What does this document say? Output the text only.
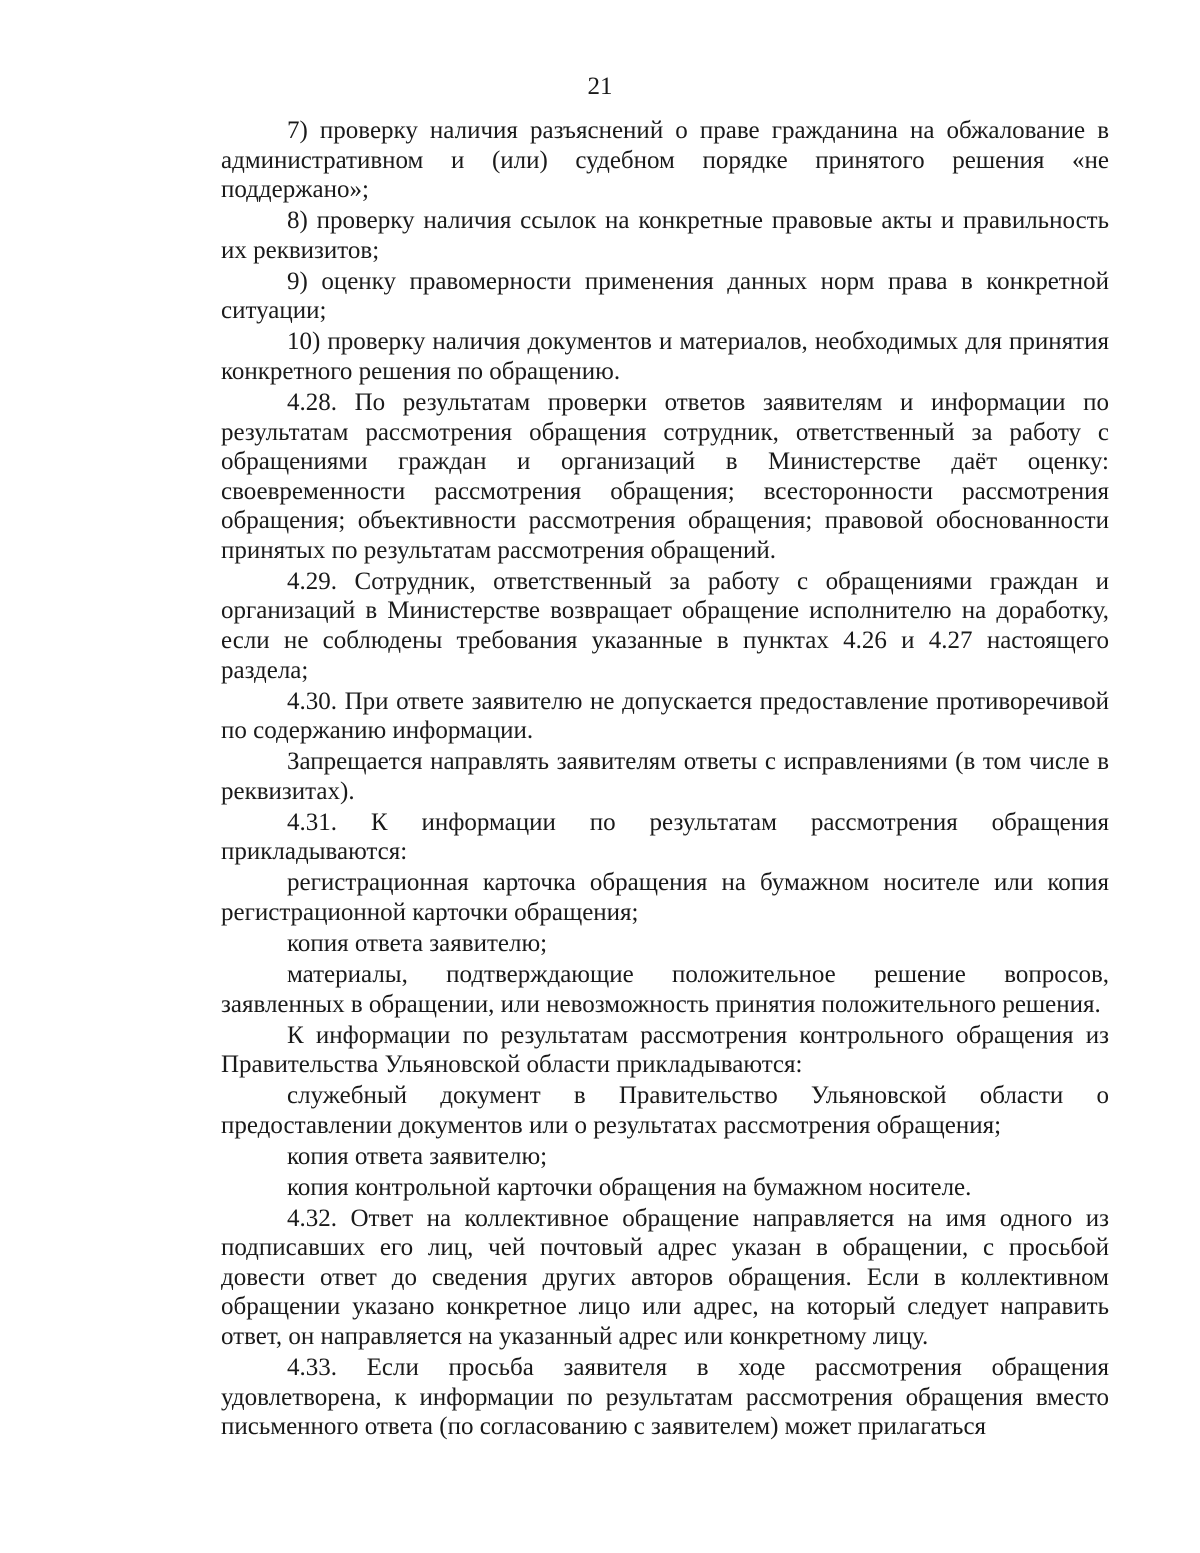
21

7) проверку наличия разъяснений о праве гражданина на обжалование в административном и (или) судебном порядке принятого решения «не поддержано»;

8) проверку наличия ссылок на конкретные правовые акты и правильность их реквизитов;

9) оценку правомерности применения данных норм права в конкретной ситуации;

10) проверку наличия документов и материалов, необходимых для принятия конкретного решения по обращению.

4.28. По результатам проверки ответов заявителям и информации по результатам рассмотрения обращения сотрудник, ответственный за работу с обращениями граждан и организаций в Министерстве даёт оценку: своевременности рассмотрения обращения; всесторонности рассмотрения обращения; объективности рассмотрения обращения; правовой обоснованности принятых по результатам рассмотрения обращений.

4.29. Сотрудник, ответственный за работу с обращениями граждан и организаций в Министерстве возвращает обращение исполнителю на доработку, если не соблюдены требования указанные в пунктах 4.26 и 4.27 настоящего раздела;

4.30. При ответе заявителю не допускается предоставление противоречивой по содержанию информации.

Запрещается направлять заявителям ответы с исправлениями (в том числе в реквизитах).

4.31. К информации по результатам рассмотрения обращения прикладываются:

регистрационная карточка обращения на бумажном носителе или копия регистрационной карточки обращения;

копия ответа заявителю;

материалы, подтверждающие положительное решение вопросов, заявленных в обращении, или невозможность принятия положительного решения.

К информации по результатам рассмотрения контрольного обращения из Правительства Ульяновской области прикладываются:

служебный документ в Правительство Ульяновской области о предоставлении документов или о результатах рассмотрения обращения;

копия ответа заявителю;

копия контрольной карточки обращения на бумажном носителе.

4.32. Ответ на коллективное обращение направляется на имя одного из подписавших его лиц, чей почтовый адрес указан в обращении, с просьбой довести ответ до сведения других авторов обращения. Если в коллективном обращении указано конкретное лицо или адрес, на который следует направить ответ, он направляется на указанный адрес или конкретному лицу.

4.33. Если просьба заявителя в ходе рассмотрения обращения удовлетворена, к информации по результатам рассмотрения обращения вместо письменного ответа (по согласованию с заявителем) может прилагаться
